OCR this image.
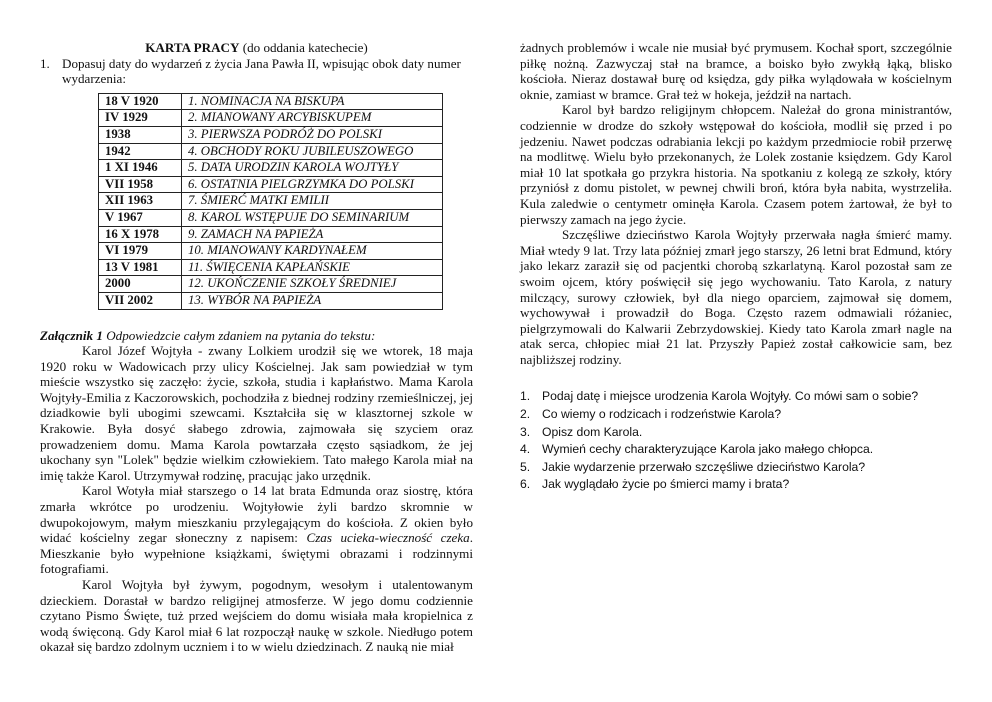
KARTA PRACY (do oddania katechecie)

1. Dopasuj daty do wydarzeń z życia Jana Pawła II, wpisując obok daty numer wydarzenia:

18 V 1920	1. NOMINACJA NA BISKUPA
IV 1929	2. MIANOWANY ARCYBISKUPEM
1938	3. PIERWSZA PODRÓŻ DO POLSKI
1942	4. OBCHODY ROKU JUBILEUSZOWEGO
1 XI 1946	5. DATA URODZIN KAROLA WOJTYŁY
VII 1958	6. OSTATNIA PIELGRZYMKA DO POLSKI
XII 1963	7. ŚMIERĆ MATKI EMILII
V 1967	8. KAROL WSTĘPUJE DO SEMINARIUM
16 X 1978	9. ZAMACH NA PAPIEŻA
VI 1979	10. MIANOWANY KARDYNAŁEM
13 V 1981	11. ŚWIĘCENIA KAPŁAŃSKIE
2000	12. UKOŃCZENIE SZKOŁY ŚREDNIEJ
VII 2002	13. WYBÓR NA PAPIEŻA

Załącznik 1 Odpowiedzcie całym zdaniem na pytania do tekstu:

Karol Józef Wojtyła - zwany Lolkiem urodził się we wtorek, 18 maja 1920 roku w Wadowicach przy ulicy Kościelnej. Jak sam powiedział w tym mieście wszystko się zaczęło: życie, szkoła, studia i kapłaństwo. Mama Karola Wojtyły-Emilia z Kaczorowskich, pochodziła z biednej rodziny rzemieślniczej, jej dziadkowie byli ubogimi szewcami. Kształciła się w klasztornej szkole w Krakowie. Była dosyć słabego zdrowia, zajmowała się szyciem oraz prowadzeniem domu. Mama Karola powtarzała często sąsiadkom, że jej ukochany syn "Lolek" będzie wielkim człowiekiem. Tato małego Karola miał na imię także Karol. Utrzymywał rodzinę, pracując jako urzędnik.

Karol Wotyła miał starszego o 14 lat brata Edmunda oraz siostrę, która zmarła wkrótce po urodzeniu. Wojtyłowie żyli bardzo skromnie w dwupokojowym, małym mieszkaniu przylegającym do kościoła. Z okien było widać kościelny zegar słoneczny z napisem: Czas ucieka-wieczność czeka. Mieszkanie było wypełnione książkami, świętymi obrazami i rodzinnymi fotografiami.

Karol Wojtyła był żywym, pogodnym, wesołym i utalentowanym dzieckiem. Dorastał w bardzo religijnej atmosferze. W jego domu codziennie czytano Pismo Święte, tuż przed wejściem do domu wisiała mała kropielnica z wodą święconą. Gdy Karol miał 6 lat rozpoczął naukę w szkole. Niedługo potem okazał się bardzo zdolnym uczniem i to w wielu dziedzinach. Z nauką nie miał

żadnych problemów i wcale nie musiał być prymusem. Kochał sport, szczególnie piłkę nożną. Zazwyczaj stał na bramce, a boisko było zwykłą łąką, blisko kościoła. Nieraz dostawał burę od księdza, gdy piłka wylądowała w kościelnym oknie, zamiast w bramce. Grał też w hokeja, jeździł na nartach.

Karol był bardzo religijnym chłopcem. Należał do grona ministrantów, codziennie w drodze do szkoły wstępował do kościoła, modlił się przed i po jedzeniu. Nawet podczas odrabiania lekcji po każdym przedmiocie robił przerwę na modlitwę. Wielu było przekonanych, że Lolek zostanie księdzem. Gdy Karol miał 10 lat spotkała go przykra historia. Na spotkaniu z kolegą ze szkoły, który przyniósł z domu pistolet, w pewnej chwili broń, która była nabita, wystrzeliła. Kula zaledwie o centymetr ominęła Karola. Czasem potem żartował, że był to pierwszy zamach na jego życie.

Szczęśliwe dzieciństwo Karola Wojtyły przerwała nagła śmierć mamy. Miał wtedy 9 lat. Trzy lata później zmarł jego starszy, 26 letni brat Edmund, który jako lekarz zaraził się od pacjentki chorobą szkarlatyną. Karol pozostał sam ze swoim ojcem, który poświęcił się jego wychowaniu. Tato Karola, z natury milczący, surowy człowiek, był dla niego oparciem, zajmował się domem, wychowywał i prowadził do Boga. Często razem odmawiali różaniec, pielgrzymowali do Kalwarii Zebrzydowskiej. Kiedy tato Karola zmarł nagle na atak serca, chłopiec miał 21 lat. Przyszły Papież został całkowicie sam, bez najbliższej rodziny.

1. Podaj datę i miejsce urodzenia Karola Wojtyły. Co mówi sam o sobie?
2. Co wiemy o rodzicach i rodzeństwie Karola?
3. Opisz dom Karola.
4. Wymień cechy charakteryzujące Karola jako małego chłopca.
5. Jakie wydarzenie przerwało szczęśliwe dzieciństwo Karola?
6. Jak wyglądało życie po śmierci mamy i brata?
